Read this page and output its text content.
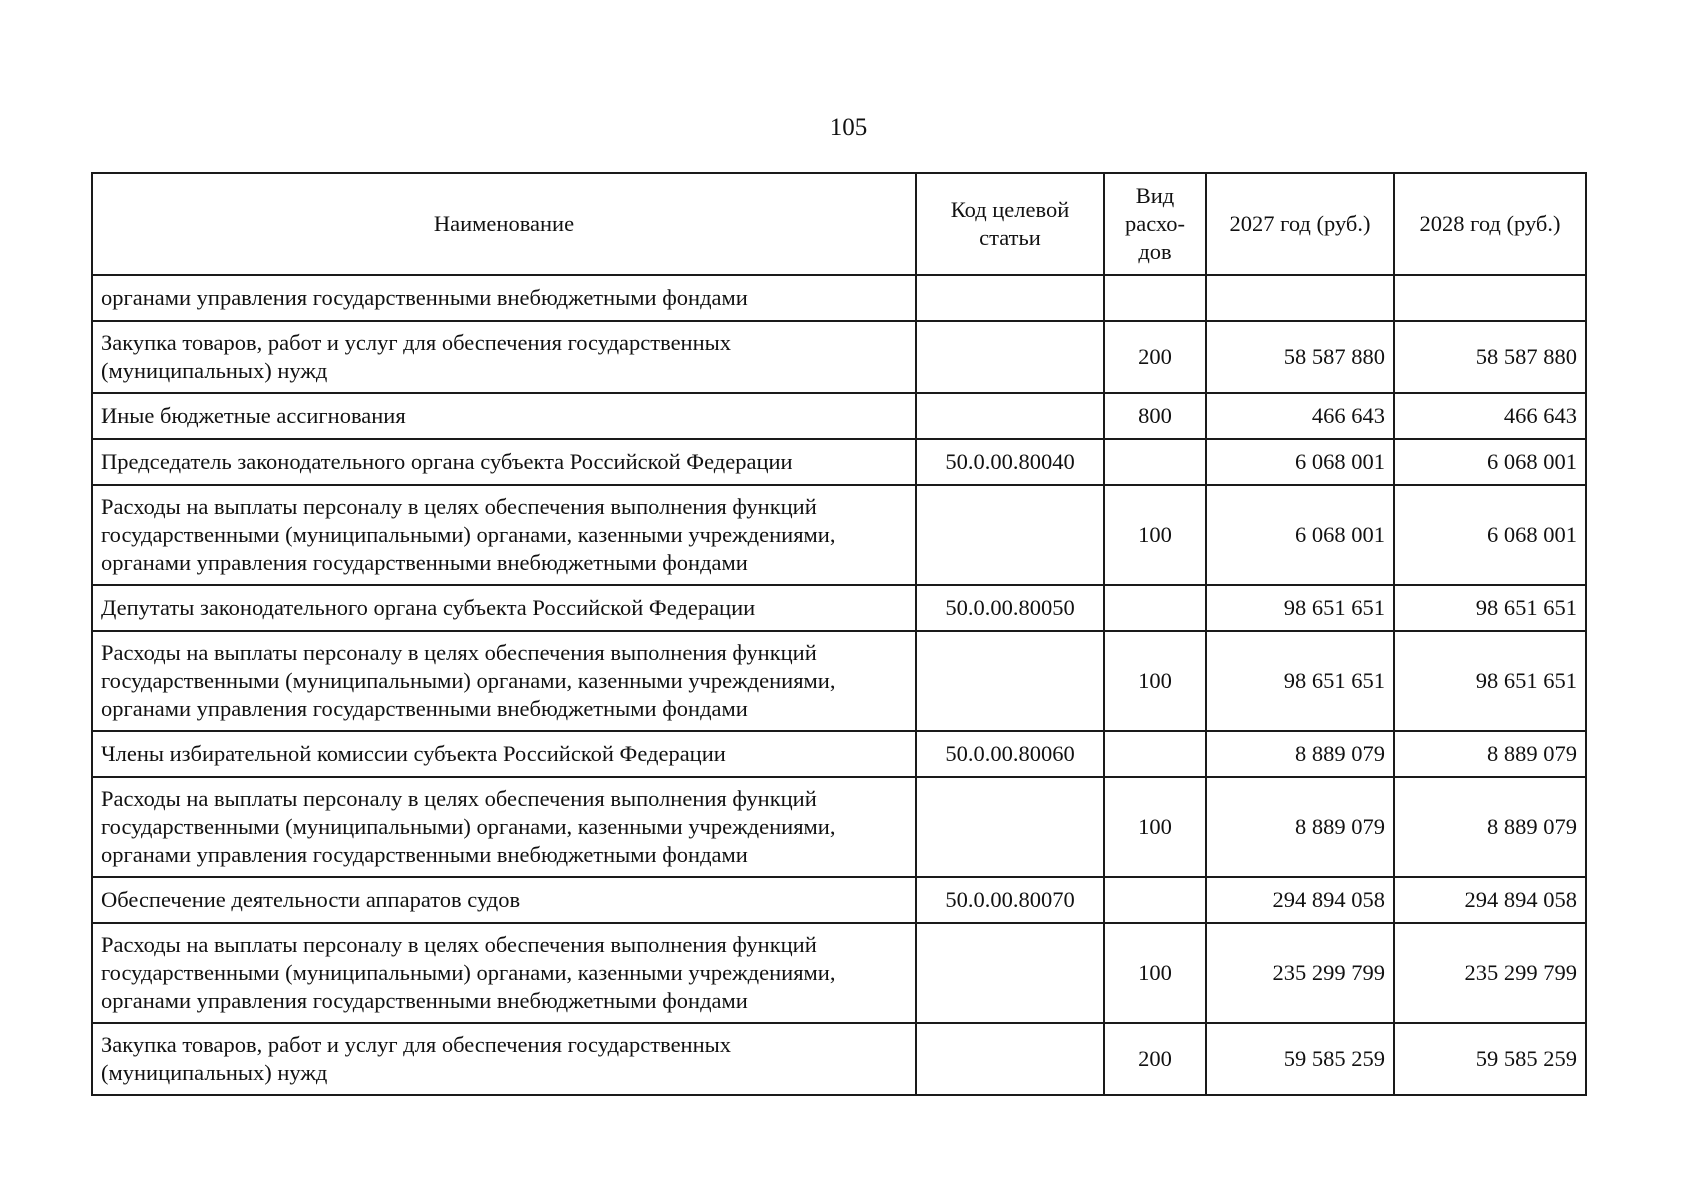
105
Наименование	Код целевой статьи	Вид расхо-дов	2027 год (руб.)	2028 год (руб.)
органами управления государственными внебюджетными фондами				
Закупка товаров, работ и услуг для обеспечения государственных (муниципальных) нужд		200	58 587 880	58 587 880
Иные бюджетные ассигнования		800	466 643	466 643
Председатель законодательного органа субъекта Российской Федерации	50.0.00.80040		6 068 001	6 068 001
Расходы на выплаты персоналу в целях обеспечения выполнения функций государственными (муниципальными) органами, казенными учреждениями, органами управления государственными внебюджетными фондами		100	6 068 001	6 068 001
Депутаты законодательного органа субъекта Российской Федерации	50.0.00.80050		98 651 651	98 651 651
Расходы на выплаты персоналу в целях обеспечения выполнения функций государственными (муниципальными) органами, казенными учреждениями, органами управления государственными внебюджетными фондами		100	98 651 651	98 651 651
Члены избирательной комиссии субъекта Российской Федерации	50.0.00.80060		8 889 079	8 889 079
Расходы на выплаты персоналу в целях обеспечения выполнения функций государственными (муниципальными) органами, казенными учреждениями, органами управления государственными внебюджетными фондами		100	8 889 079	8 889 079
Обеспечение деятельности аппаратов судов	50.0.00.80070		294 894 058	294 894 058
Расходы на выплаты персоналу в целях обеспечения выполнения функций государственными (муниципальными) органами, казенными учреждениями, органами управления государственными внебюджетными фондами		100	235 299 799	235 299 799
Закупка товаров, работ и услуг для обеспечения государственных (муниципальных) нужд		200	59 585 259	59 585 259
